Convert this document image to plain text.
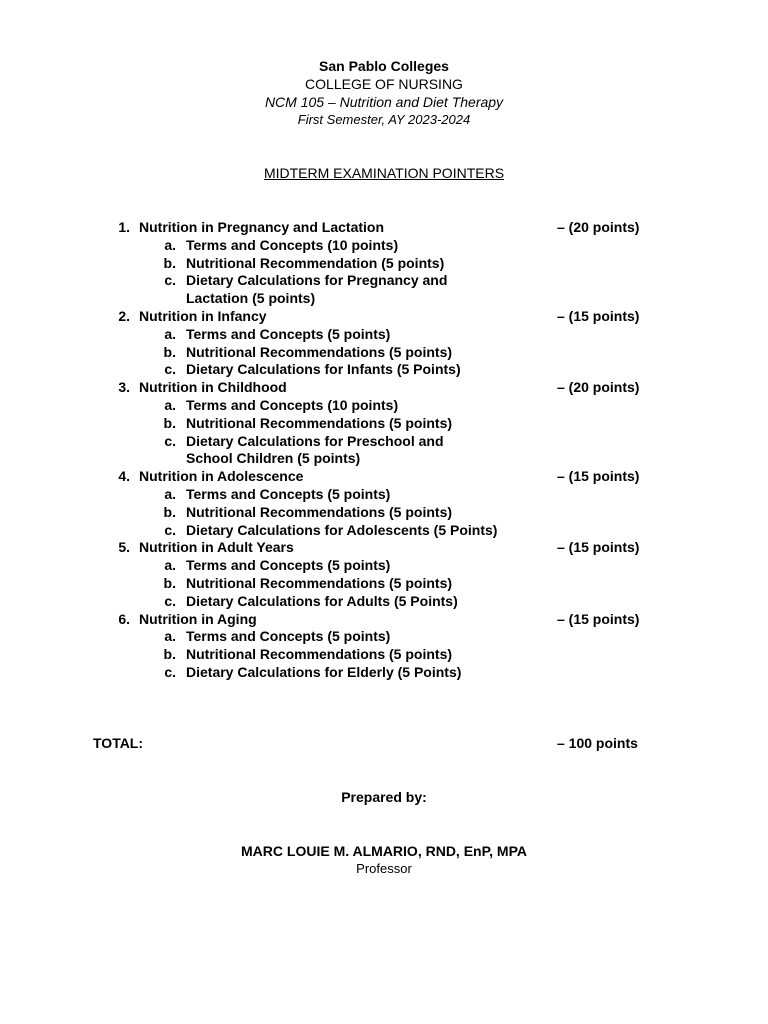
San Pablo Colleges
COLLEGE OF NURSING
NCM 105 – Nutrition and Diet Therapy
First Semester, AY 2023-2024
MIDTERM EXAMINATION POINTERS
1. Nutrition in Pregnancy and Lactation	– (20 points)
a. Terms and Concepts (10 points)
b. Nutritional Recommendation (5 points)
c. Dietary Calculations for Pregnancy and
Lactation (5 points)
2. Nutrition in Infancy	– (15 points)
a. Terms and Concepts (5 points)
b. Nutritional Recommendations (5 points)
c. Dietary Calculations for Infants (5 Points)
3. Nutrition in Childhood	– (20 points)
a. Terms and Concepts (10 points)
b. Nutritional Recommendations (5 points)
c. Dietary Calculations for Preschool and
School Children (5 points)
4. Nutrition in Adolescence	– (15 points)
a. Terms and Concepts (5 points)
b. Nutritional Recommendations (5 points)
c. Dietary Calculations for Adolescents (5 Points)
5. Nutrition in Adult Years	– (15 points)
a. Terms and Concepts (5 points)
b. Nutritional Recommendations (5 points)
c. Dietary Calculations for Adults (5 Points)
6. Nutrition in Aging	– (15 points)
a. Terms and Concepts (5 points)
b. Nutritional Recommendations (5 points)
c. Dietary Calculations for Elderly (5 Points)
TOTAL:	– 100 points
Prepared by:
MARC LOUIE M. ALMARIO, RND, EnP, MPA
Professor
